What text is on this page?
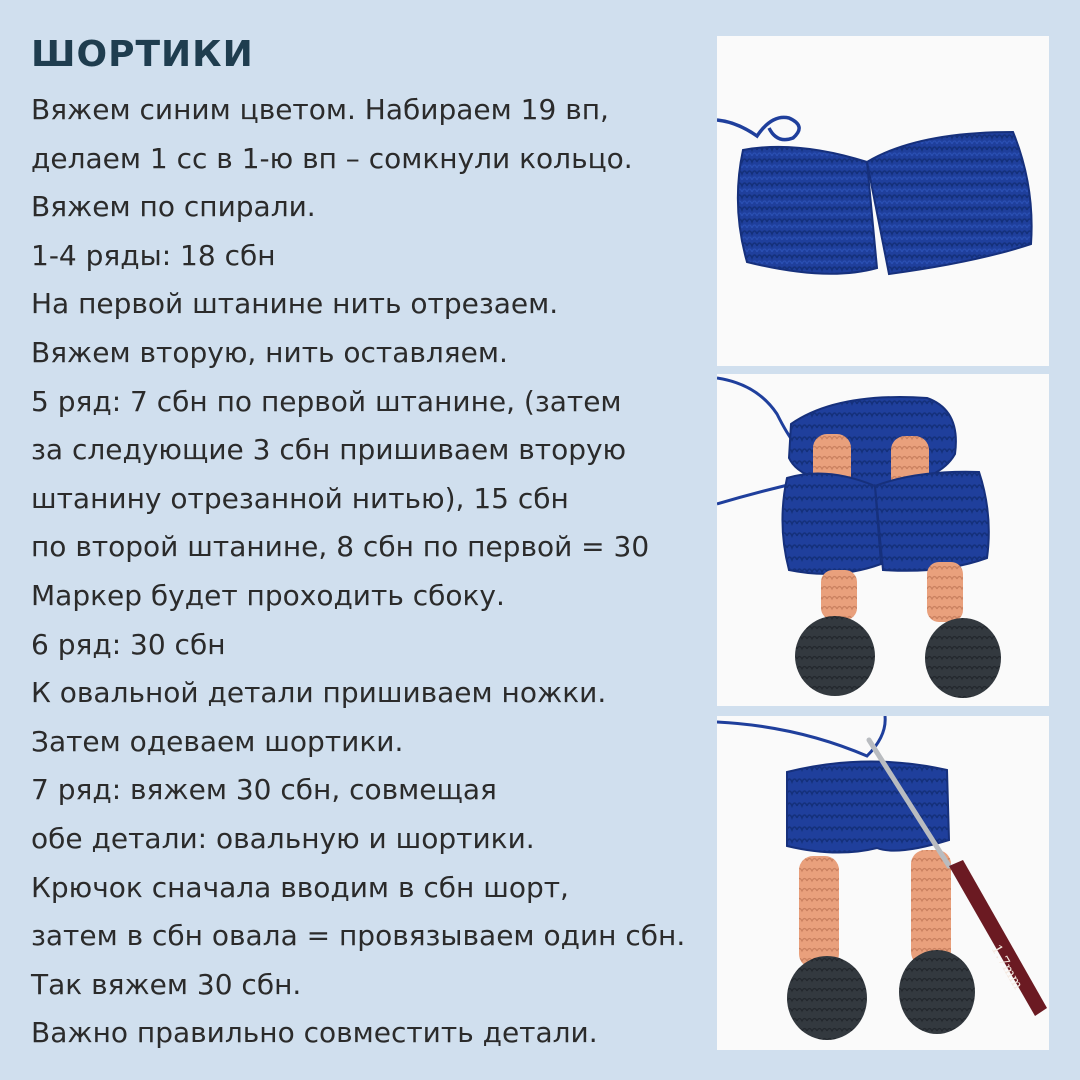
ШОРТИКИ
Вяжем синим цветом. Набираем 19 вп,
делаем 1 сс в 1-ю вп – сомкнули кольцо.
Вяжем по спирали.
1-4 ряды: 18 сбн
На первой штанине нить отрезаем.
Вяжем вторую, нить оставляем.
5 ряд: 7 сбн по первой штанине, (затем
за следующие 3 сбн пришиваем вторую
штанину отрезанной нитью), 15 сбн
по второй штанине, 8 сбн по первой = 30
Маркер будет проходить сбоку.
6 ряд: 30 сбн
К овальной детали пришиваем ножки.
Затем одеваем шортики.
7 ряд: вяжем 30 сбн, совмещая
обе детали: овальную и шортики.
Крючок сначала вводим в сбн шорт,
затем в сбн овала = провязываем один сбн.
Так вяжем 30 сбн.
Важно правильно совместить детали.
1.7mm
